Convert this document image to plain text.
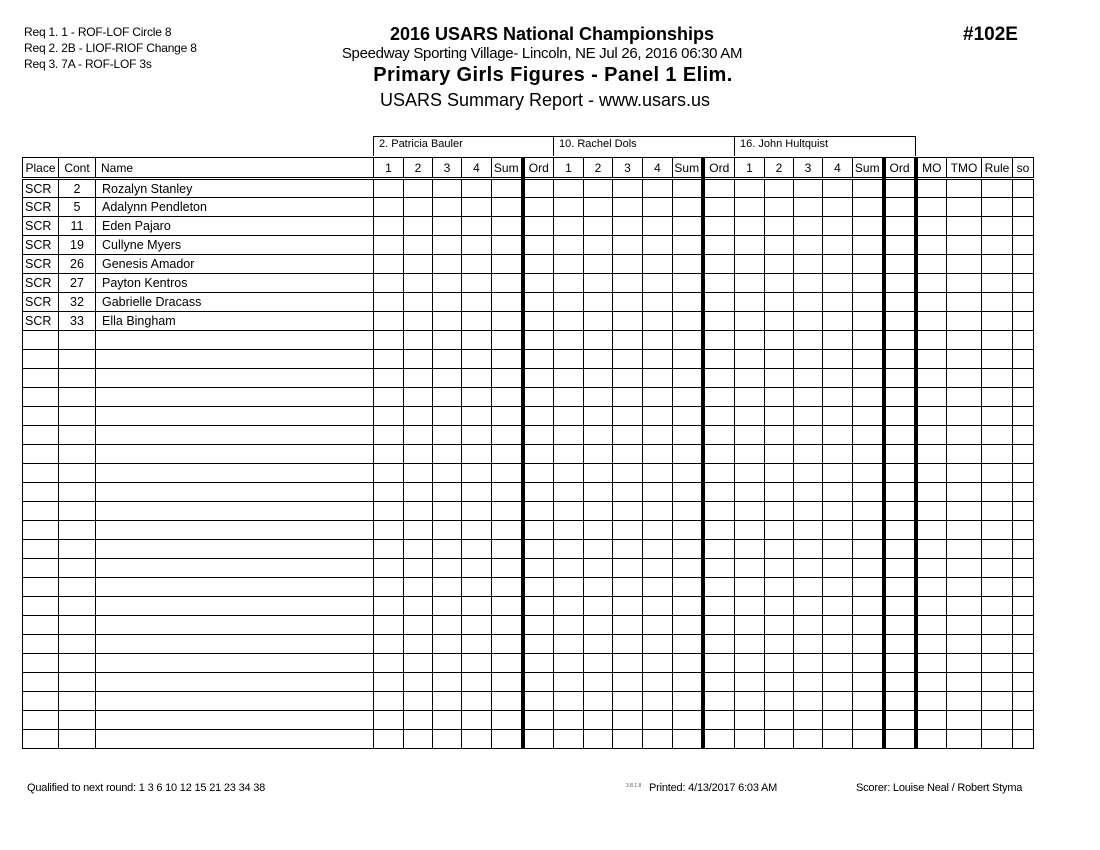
Req 1. 1 - ROF-LOF Circle 8
Req 2. 2B - LIOF-RIOF Change 8
Req 3. 7A - ROF-LOF 3s
2016 USARS National Championships
Speedway Sporting Village- Lincoln, NE Jul 26, 2016 06:30 AM
Primary Girls Figures - Panel 1 Elim.
USARS Summary Report - www.usars.us
#102E
2. Patricia Bauler	10. Rachel Dols	16. John Hultquist
Place	Cont	Name	1	2	3	4	Sum	Ord	1	2	3	4	Sum	Ord	1	2	3	4	Sum	Ord	MO	TMO	Rule	so
SCR	2	Rozalyn Stanley																						
SCR	5	Adalynn Pendleton																						
SCR	11	Eden Pajaro																						
SCR	19	Cullyne Myers																						
SCR	26	Genesis Amador																						
SCR	27	Payton Kentros																						
SCR	32	Gabrielle Dracass																						
SCR	33	Ella Bingham																						

Qualified to next round: 1 3 6 10 12 15 21 23 34 38	3.8.1.8 Printed: 4/13/2017 6:03 AM	Scorer: Louise Neal / Robert Styma
